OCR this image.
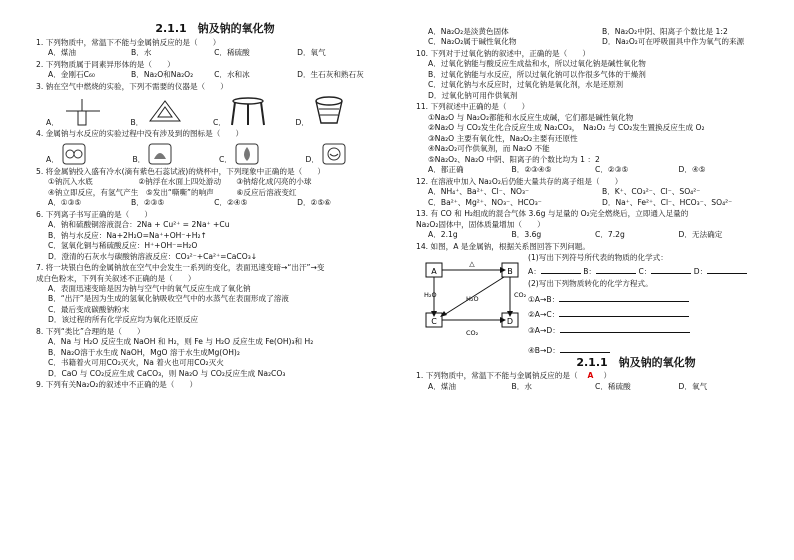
2.1.1　钠及钠的氧化物
1. 下列物质中，常温下不能与金属钠反应的是（　　）
A．煤油	B．水	C．稀硫酸	D．氧气
2. 下列物质属于同素异形体的是（　　）
A．金刚石C₆₀	B．Na₂O和Na₂O₂	C．水和冰	D．生石灰和熟石灰
3. 钠在空气中燃烧的实验，下列不需要的仪器是（　　）
A．	B．	C．	D．
4. 金属钠与水反应的实验过程中没有涉及到的图标是（　　）
A．	B．	C．	D．
5. 将金属钠投入盛有冷水(滴有紫色石蕊试液)的烧杯中，下列现象中正确的是（　　）
①钠沉入水底　　　　　　②钠浮在水面上四处游动　　③钠熔化成闪亮的小球
④钠立即反应，有氢气产生　⑤发出“嘶嘶”的响声　　　⑥反应后溶液变红
A．①③⑤	B．②③⑤	C．②④⑤	D．②⑤⑥
6. 下列离子书写正确的是（　　）
A．钠和硫酸铜溶液混合：2Na + Cu²⁺ = 2Na⁺ +Cu
B．钠与水反应：Na+2H₂O=Na⁺+OH⁻+H₂↑
C．氢氧化铜与稀硫酸反应：H⁺+OH⁻=H₂O
D．澄清的石灰水与碳酸钠溶液反应：CO₃²⁻+Ca²⁺=CaCO₃↓
7. 将一块银白色的金属钠放在空气中会发生一系列的变化，表面迅速变暗→“出汗”→变
成白色粉末，下列有关叙述不正确的是（　　）
A．表面迅速变暗是因为钠与空气中的氧气反应生成了氧化钠
B．“出汗”是因为生成的氢氧化钠吸收空气中的水蒸气在表面形成了溶液
C．最后变成碳酸钠粉末
D．该过程的所有化学反应均为氧化还原反应
8. 下列“类比”合理的是（　　）
A．Na 与 H₂O 反应生成 NaOH 和 H₂，则 Fe 与 H₂O 反应生成 Fe(OH)₃和 H₂
B．Na₂O溶于水生成 NaOH，MgO 溶于水生成Mg(OH)₂
C．书籍着火可用CO₂灭火，Na 着火也可用CO₂灭火
D．CaO 与 CO₂反应生成 CaCO₃，则 Na₂O 与 CO₂反应生成 Na₂CO₃
9. 下列有关Na₂O₂的叙述中不正确的是（　　）
A．Na₂O₂是淡黄色固体	B．Na₂O₂中阴、阳离子个数比是 1:2
C．Na₂O₂属于碱性氧化物	D．Na₂O₂可在呼吸面具中作为氧气的来源
10. 下列对于过氧化钠的叙述中，正确的是（　　）
A．过氧化钠能与酸反应生成盐和水，所以过氧化钠是碱性氧化物
B．过氧化钠能与水反应，所以过氧化钠可以作很多气体的干燥剂
C．过氧化钠与水反应时，过氧化钠是氧化剂，水是还原剂
D．过氧化钠可用作供氧剂
11. 下列叙述中正确的是（　　）
①Na₂O 与 Na₂O₂都能和水反应生成碱，它们都是碱性氧化物
②Na₂O 与 CO₂发生化合反应生成 Na₂CO₃，　Na₂O₂ 与 CO₂发生置换反应生成 O₂
③Na₂O 主要有氧化性，Na₂O₂主要有还原性
④Na₂O₂可作供氧剂，而 Na₂O 不能
⑤Na₂O₂、Na₂O 中阴、阳离子的个数比均为 1 ：2
A．都正确	B．②③④⑤	C．②③⑤	D．④⑤
12. 在溶液中加入 Na₂O₂后仍能大量共存的离子组是（　　）
A．NH₄⁺、Ba²⁺、Cl⁻、NO₃⁻	B．K⁺、CO₃²⁻、Cl⁻、SO₄²⁻
C．Ba²⁺、Mg²⁺、NO₃⁻、HCO₃⁻	D．Na⁺、Fe²⁺、Cl⁻、HCO₃⁻、SO₄²⁻
13. 有 CO 和 H₂组成的混合气体 3.6g 与足量的 O₂完全燃烧后，立即通入足量的
Na₂O₂固体中，固体质量增加（　　）
A．2.1g	B．3.6g	C．7.2g	D．无法确定
14. 如图，A 是金属钠，根据关系图回答下列问题。
A	B
C	D
△
H₂O	H₂O	CO₂
CO₂
(1)写出下列符号所代表的物质的化学式：
A：	B：	C：	D：
(2)写出下列物质转化的化学方程式。
①A→B：
②A→C：
③A→D：
④B→D：
2.1.1　钠及钠的氧化物
1. 下列物质中，常温下不能与金属钠反应的是（ A ）
A．煤油	B．水	C．稀硫酸	D．氧气
